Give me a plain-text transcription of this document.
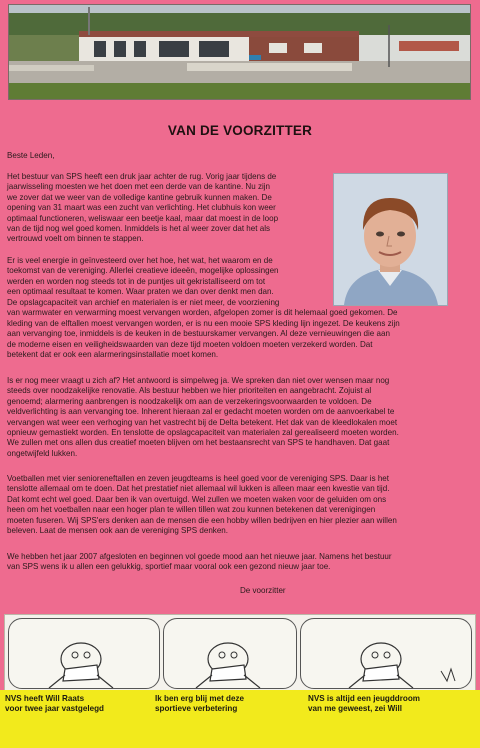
VAN DE VOORZITTER
Beste Leden,
Het bestuur van SPS heeft een druk jaar achter de rug. Vorig jaar tijdens de
jaarwisseling moesten we het doen met een derde van de kantine. Nu zijn
we zover dat we weer van de volledige kantine gebruik kunnen maken. De
opening van 31 maart was een zucht van verlichting. Het clubhuis kon weer
optimaal functioneren, weliswaar een beetje kaal, maar dat moest in de loop
van de tijd nog wel goed komen. Inmiddels is het al weer zover dat het als
vertrouwd voelt om binnen te stappen.
Er is veel energie in geïnvesteerd over het hoe, het wat, het waarom en de
toekomst van de vereniging. Allerlei creatieve ideeën, mogelijke oplossingen
werden en worden nog steeds tot in de puntjes uit gekristalliseerd om tot
een optimaal resultaat te komen. Waar praten we dan over denkt men dan.
De opslagcapaciteit van archief en materialen is er niet meer, de voorziening
van warmwater en verwarming moest vervangen worden, afgelopen zomer is dit helemaal goed gekomen. De
kleding van de elftallen moest vervangen worden, er is nu een mooie SPS kleding lijn ingezet. De keukens zijn
aan vervanging toe, inmiddels is de keuken in de bestuurskamer vervangen. Al deze vernieuwingen die aan
de moderne eisen en veiligheidswaarden van deze tijd moeten voldoen moeten verzekerd worden. Dat
betekent dat er ook een alarmeringsinstallatie moet komen.
Is er nog meer vraagt u zich af? Het antwoord is simpelweg ja. We spreken dan niet over wensen maar nog
steeds over noodzakelijke renovatie. Als bestuur hebben we hier prioriteiten en aangebracht. Zojuist al
genoemd; alarmering aanbrengen is noodzakelijk om aan de verzekeringsvoorwaarden te voldoen. De
veldverlichting is aan vervanging toe. Inherent hieraan zal er gedacht moeten worden om de aanvoerkabel te
vervangen wat weer een verhoging van het vastrecht bij de Delta betekent. Het dak van de kleedlokalen moet
opnieuw gemastiekt worden. En tenslotte de opslagcapaciteit van materialen zal gerealiseerd moeten worden.
We zullen met ons allen dus creatief moeten blijven om het bestaansrecht van SPS te handhaven. Dat gaat
ongetwijfeld lukken.
Voetballen met vier senioreneftallen en zeven jeugdteams is heel goed voor de vereniging SPS. Daar is het
tenslotte allemaal om te doen. Dat het prestatief niet allemaal wil lukken is alleen maar een kwestie van tijd.
Dat komt echt wel goed. Daar ben ik van overtuigd. Wel zullen we moeten waken voor de geluiden om ons
heen om het voetballen naar een hoger plan te willen tillen wat zou kunnen betekenen dat verenigingen
moeten fuseren. Wij SPS'ers denken aan de mensen die een hobby willen bedrijven en hier plezier aan willen
beleven. Laat de mensen ook aan de vereniging SPS denken.
We hebben het jaar 2007 afgesloten en beginnen vol goede mood aan het nieuwe jaar. Namens het bestuur
van SPS wens ik u allen een gelukkig, sportief maar vooral ook een gezond nieuw jaar toe.
De voorzitter
NVS heeft Will Raats
voor twee jaar vastgelegd
Ik ben erg blij met deze
sportieve verbetering
NVS is altijd een jeugddroom
van me geweest, zei Will
